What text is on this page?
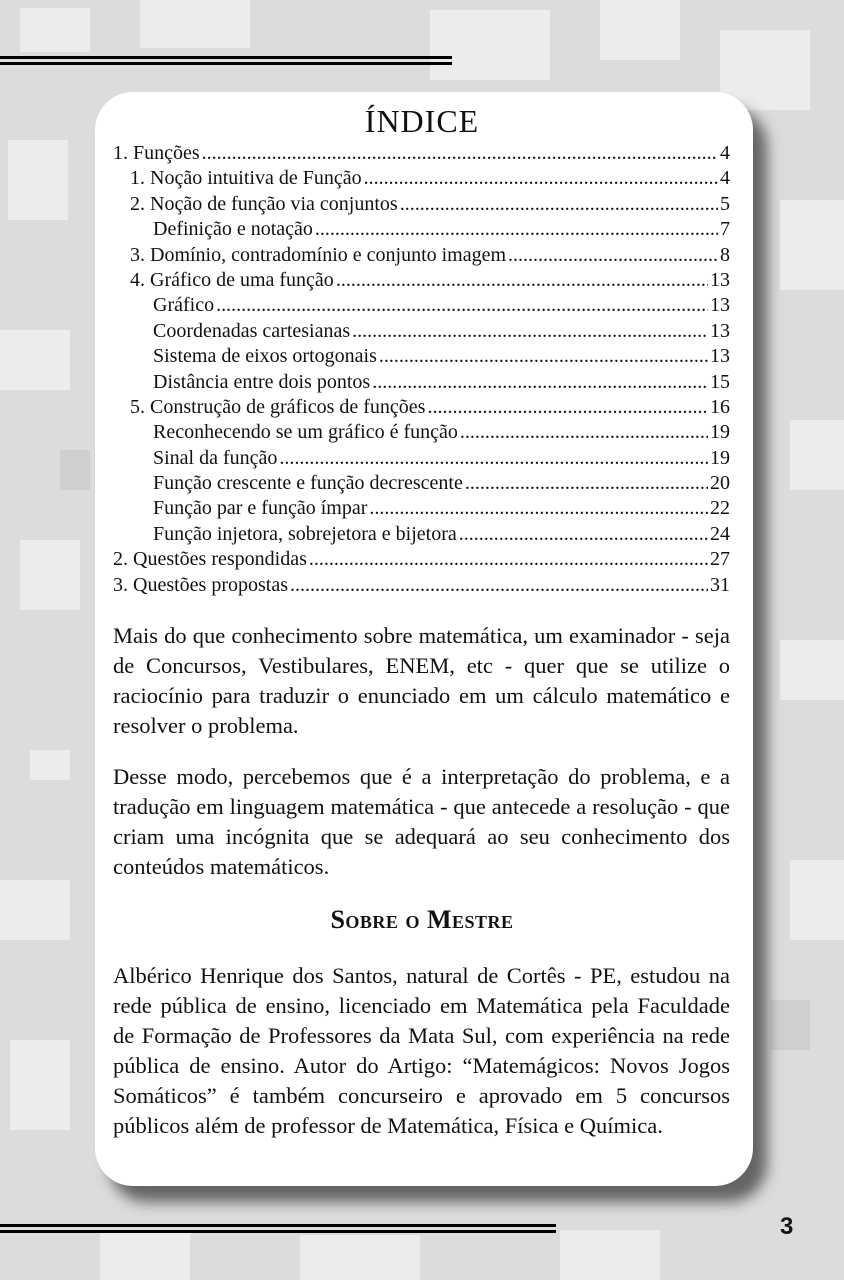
ÍNDICE
1. Funções .....	4
1. Noção intuitiva de Função .....	4
2. Noção de função via conjuntos .....	5
Definição e notação .....	7
3. Domínio, contradomínio e conjunto imagem .....	8
4. Gráfico de uma função .....	13
Gráfico .....	13
Coordenadas cartesianas .....	13
Sistema de eixos ortogonais .....	13
Distância entre dois pontos .....	15
5. Construção de gráficos de funções .....	16
Reconhecendo se um gráfico é função .....	19
Sinal da função .....	19
Função crescente e função decrescente .....	20
Função par e função ímpar .....	22
Função injetora, sobrejetora e bijetora .....	24
2. Questões respondidas .....	27
3. Questões propostas .....	31

Mais do que conhecimento sobre matemática, um examinador - seja de Concursos, Vestibulares, ENEM, etc - quer que se utilize o raciocínio para traduzir o enunciado em um cálculo matemático e resolver o problema.

Desse modo, percebemos que é a interpretação do problema, e a tradução em linguagem matemática - que antecede a resolução - que criam uma incógnita que se adequará ao seu conhecimento dos conteúdos matemáticos.

Sobre o Mestre

Albérico Henrique dos Santos, natural de Cortês - PE, estudou na rede pública de ensino, licenciado em Matemática pela Faculdade de Formação de Professores da Mata Sul, com experiência na rede pública de ensino. Autor do Artigo: “Matemágicos: Novos Jogos Somáticos” é também concurseiro e aprovado em 5 concursos públicos além de professor de Matemática, Física e Química.

3
